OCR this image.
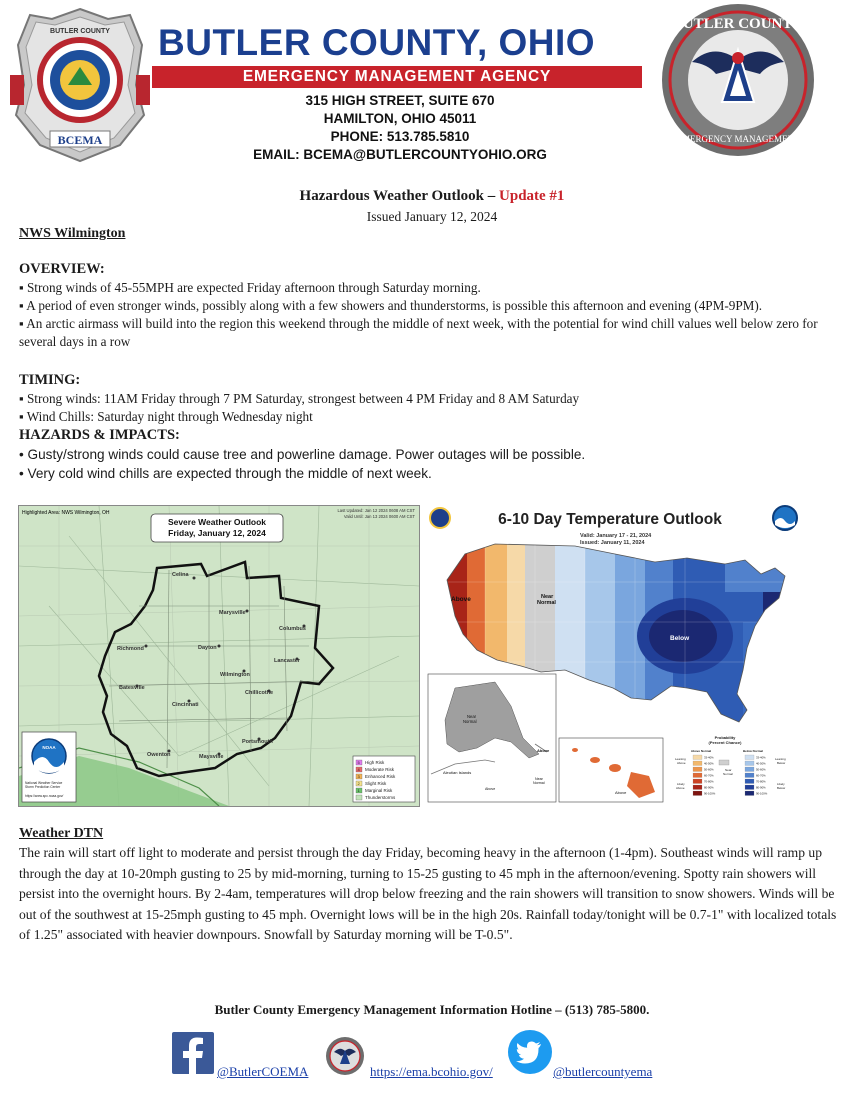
BCEMA
BUTLER COUNTY BUTLER COUNTY, OHIO
EMERGENCY MANAGEMENT AGENCY
315 HIGH STREET, SUITE 670
HAMILTON, OHIO 45011
PHONE: 513.785.5810
EMAIL: BCEMA@BUTLERCOUNTYOHIO.ORG
BUTLER COUNTY
EMERGENCY MANAGEMENT
Hazardous Weather Outlook – Update #1
Issued January 12, 2024
NWS Wilmington
OVERVIEW:
▪ Strong winds of 45-55MPH are expected Friday afternoon through Saturday morning.
▪ A period of even stronger winds, possibly along with a few showers and thunderstorms, is possible this afternoon and evening (4PM-9PM).
▪ An arctic airmass will build into the region this weekend through the middle of next week, with the potential for wind chill values well below zero for several days in a row
TIMING:
▪ Strong winds: 11AM Friday through 7 PM Saturday, strongest between 4 PM Friday and 8 AM Saturday
▪ Wind Chills: Saturday night through Wednesday night
HAZARDS & IMPACTS:
• Gusty/strong winds could cause tree and powerline damage. Power outages will be possible.
• Very cold wind chills are expected through the middle of next week.
Celina
Marysville
Columbus
Richmond	Dayton
Lancaster
Wilmington
Batesville
Chillicothe
Cincinnati
Portsmouth
Owenton	Maysville
Highlighted Area: NWS Wilmington, OH	Last Updated: Jan 12 2024 0608 AM CST
Valid Until: Jan 13 2024 0600 AM CST
Severe Weather Outlook
Friday, January 12, 2024
NOAA
National Weather Service Storm Prediction Center
https://www.spc.noaa.gov/
5 High Risk
4 Moderate Risk
3 Enhanced Risk
2 Slight Risk
1 Marginal Risk
Thunderstorms
6-10 Day Temperature Outlook
Valid: January 17 - 21, 2024
Issued: January 11, 2024
Above	Near Normal
Below
Near Normal
Above
Aleutian Islands
Near Normal
Above
Above
Probability (Percent Chance)
Above Normal	Below Normal
Leaning Above
Likely Above
Near Normal
Leaning Below
Likely Below
33-40%
40-50%
50-60%
60-70%
70-80%
80-90%
90-100%
33-40%
40-50%
50-60%
60-70%
70-80%
80-90%
90-100%
Weather DTN
The rain will start off light to moderate and persist through the day Friday, becoming heavy in the afternoon (1-4pm). Southeast winds will ramp up through the day at 10-20mph gusting to 25 by mid-morning, turning to 15-25 gusting to 45 mph in the afternoon/evening. Spotty rain showers will persist into the overnight hours. By 2-4am, temperatures will drop below freezing and the rain showers will transition to snow showers. Winds will be out of the southwest at 15-25mph gusting to 45 mph. Overnight lows will be in the high 20s. Rainfall today/tonight will be 0.7-1" with localized totals of 1.25" associated with heavier downpours. Snowfall by Saturday morning will be T-0.5".
Butler County Emergency Management Information Hotline – (513) 785-5800.
@ButlerCOEMA	https://ema.bcohio.gov/	@butlercountyema
